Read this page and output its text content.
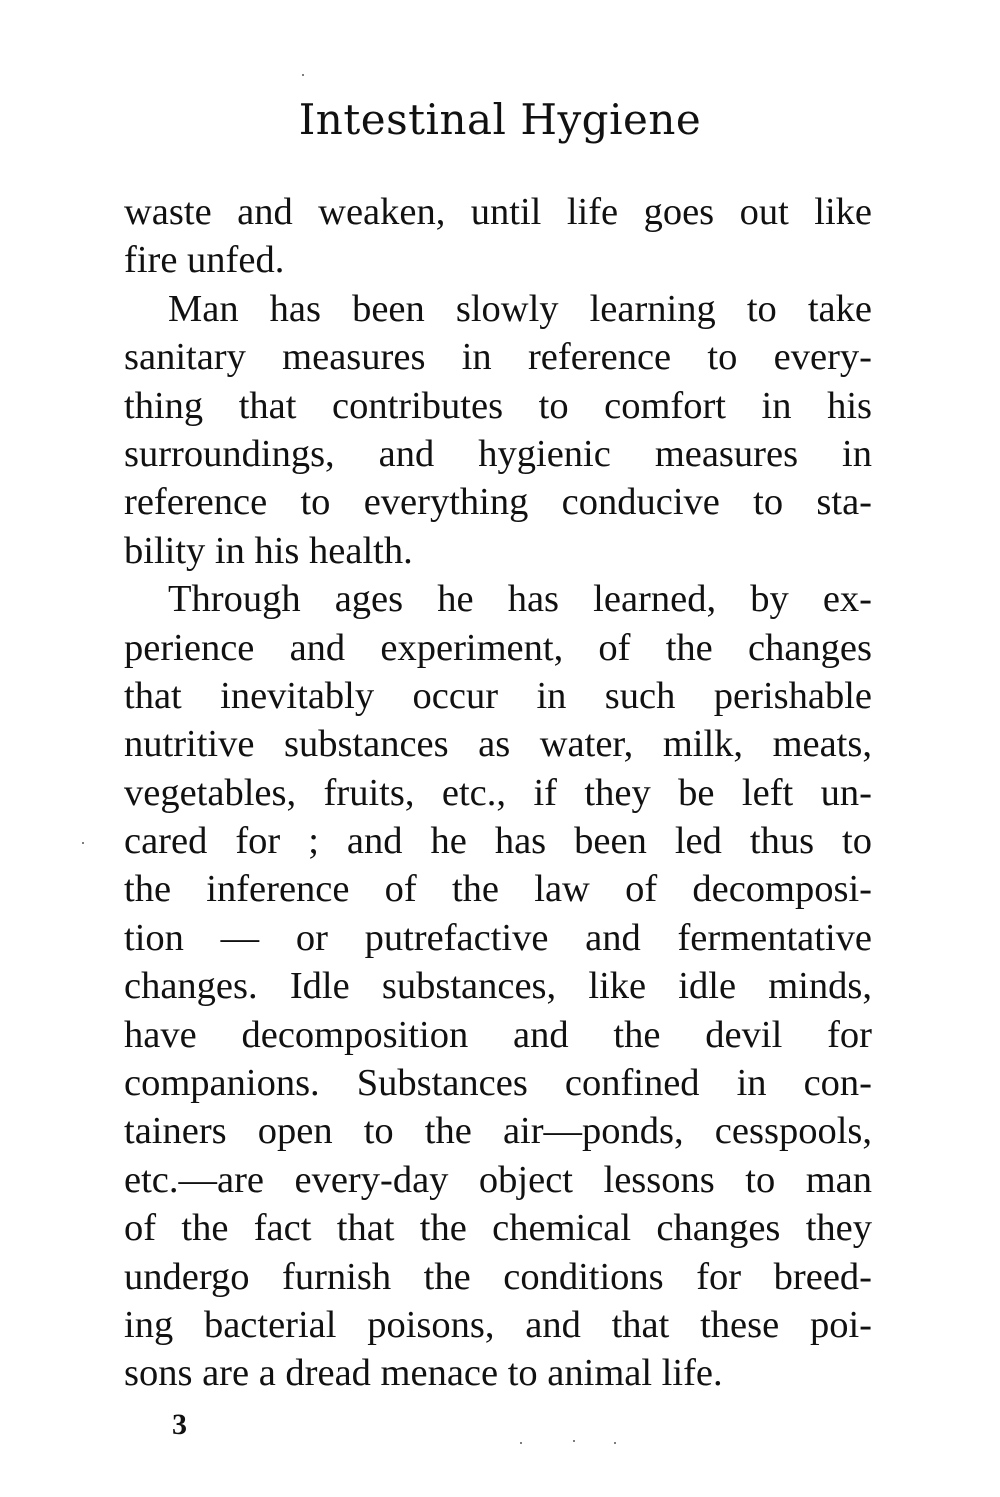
Intestinal Hygiene
waste and weaken, until life goes out like
fire unfed.
Man has been slowly learning to take
sanitary measures in reference to every-
thing that contributes to comfort in his
surroundings, and hygienic measures in
reference to everything conducive to sta-
bility in his health.
Through ages he has learned, by ex-
perience and experiment, of the changes
that inevitably occur in such perishable
nutritive substances as water, milk, meats,
vegetables, fruits, etc., if they be left un-
cared for ; and he has been led thus to
the inference of the law of decomposi-
tion — or putrefactive and fermentative
changes. Idle substances, like idle minds,
have decomposition and the devil for
companions. Substances confined in con-
tainers open to the air—ponds, cesspools,
etc.—are every-day object lessons to man
of the fact that the chemical changes they
undergo furnish the conditions for breed-
ing bacterial poisons, and that these poi-
sons are a dread menace to animal life.
3
